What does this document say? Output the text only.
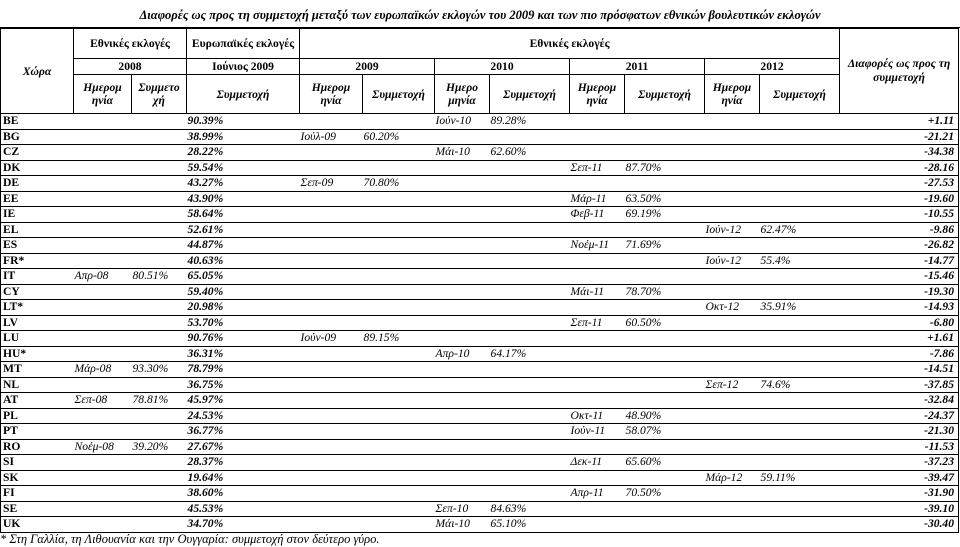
Διαφορές ως προς τη συμμετοχή μεταξύ των ευρωπαϊκών εκλογών του 2009 και των πιο πρόσφατων εθνικών βουλευτικών εκλογών
Χώρα	Εθνικές εκλογές		Ευρωπαϊκές εκλογές	Εθνικές εκλογές								Διαφορές ως προς τη συμμετοχή
	2008		Ιούνιος 2009	2009		2010		2011		2012		
	Ημερομ ηνία	Συμμετο χή	Συμμετοχή	Ημερομ ηνία	Συμμετοχή	Ημερο μηνία	Συμμετοχή	Ημερομ ηνία	Συμμετοχή	Ημερομ ηνία	Συμμετοχή	
BE			90.39%			Ιούν-10	89.28%					+1.11
BG			38.99%	Ιούλ-09	60.20%							-21.21
CZ			28.22%			Μάι-10	62.60%					-34.38
DK			59.54%					Σεπ-11	87.70%			-28.16
DE			43.27%	Σεπ-09	70.80%							-27.53
EE			43.90%					Μάρ-11	63.50%			-19.60
IE			58.64%					Φεβ-11	69.19%			-10.55
EL			52.61%							Ιούν-12	62.47%	-9.86
ES			44.87%					Νοέμ-11	71.69%			-26.82
FR*			40.63%							Ιούν-12	55.4%	-14.77
IT	Απρ-08	80.51%	65.05%									-15.46
CY			59.40%					Μάι-11	78.70%			-19.30
LT*			20.98%							Οκτ-12	35.91%	-14.93
LV			53.70%					Σεπ-11	60.50%			-6.80
LU			90.76%	Ιούν-09	89.15%							+1.61
HU*			36.31%			Απρ-10	64.17%					-7.86
MT	Μάρ-08	93.30%	78.79%									-14.51
NL			36.75%							Σεπ-12	74.6%	-37.85
AT	Σεπ-08	78.81%	45.97%									-32.84
PL			24.53%					Οκτ-11	48.90%			-24.37
PT			36.77%					Ιούν-11	58.07%			-21.30
RO	Νοέμ-08	39.20%	27.67%									-11.53
SI			28.37%					Δεκ-11	65.60%			-37.23
SK			19.64%							Μάρ-12	59.11%	-39.47
FI			38.60%					Απρ-11	70.50%			-31.90
SE			45.53%			Σεπ-10	84.63%					-39.10
UK			34.70%			Μάι-10	65.10%					-30.40
* Στη Γαλλία, τη Λιθουανία και την Ουγγαρία: συμμετοχή στον δεύτερο γύρο.
